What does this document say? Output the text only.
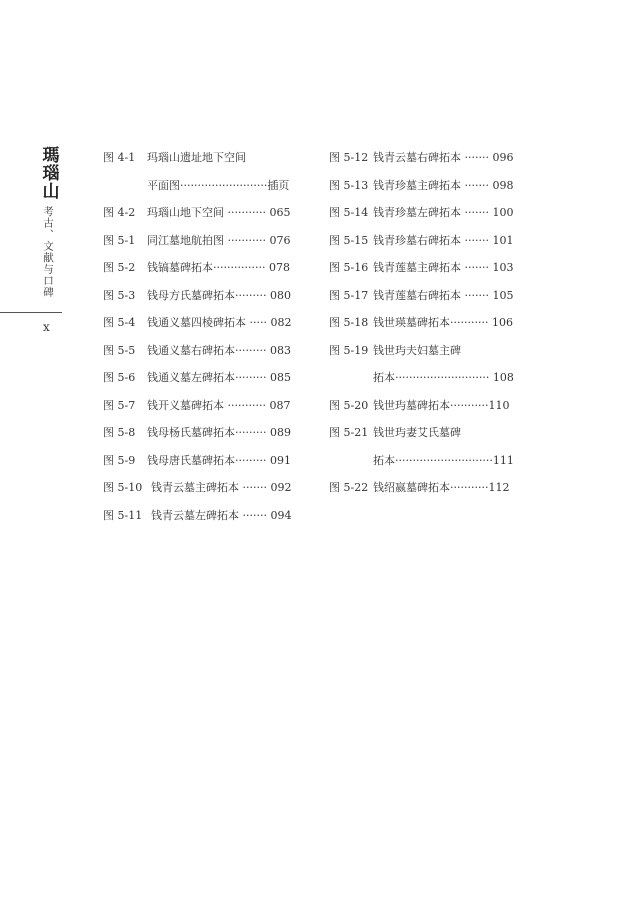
瑪瑙山
考古、文献与口碑
x
图 4-1 玛瑙山遗址地下空间
平面图·························插页
图 4-2 玛瑙山地下空间 ··········· 065
图 5-1 同江墓地航拍图 ··········· 076
图 5-2 钱镐墓碑拓本··············· 078
图 5-3 钱母方氏墓碑拓本········· 080
图 5-4 钱通义墓四棱碑拓本 ····· 082
图 5-5 钱通义墓右碑拓本········· 083
图 5-6 钱通义墓左碑拓本········· 085
图 5-7 钱开义墓碑拓本 ··········· 087
图 5-8 钱母杨氏墓碑拓本········· 089
图 5-9 钱母唐氏墓碑拓本········· 091
图 5-10 钱青云墓主碑拓本 ······· 092
图 5-11 钱青云墓左碑拓本 ······· 094
图 5-12 钱青云墓右碑拓本 ······· 096
图 5-13 钱青珍墓主碑拓本 ······· 098
图 5-14 钱青珍墓左碑拓本 ······· 100
图 5-15 钱青珍墓右碑拓本 ······· 101
图 5-16 钱青莲墓主碑拓本 ······· 103
图 5-17 钱青莲墓右碑拓本 ······· 105
图 5-18 钱世瑛墓碑拓本··········· 106
图 5-19 钱世玙夫妇墓主碑
拓本··························· 108
图 5-20 钱世玙墓碑拓本···········110
图 5-21 钱世玙妻艾氏墓碑
拓本····························111
图 5-22 钱绍嬴墓碑拓本···········112
